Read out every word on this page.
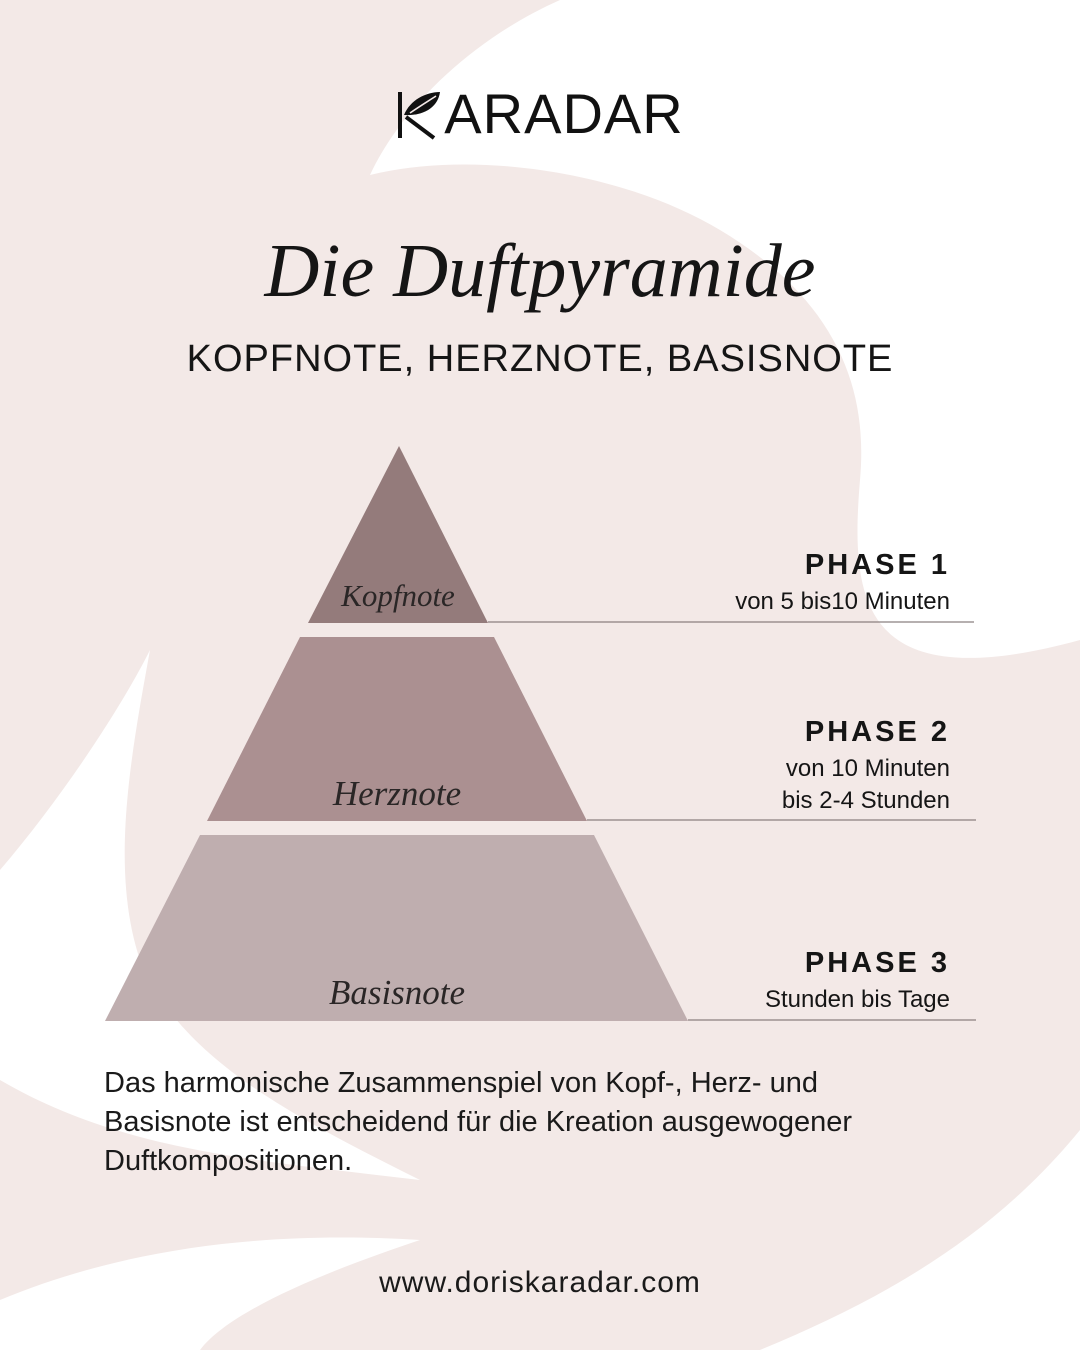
ARADAR
Die Duftpyramide
KOPFNOTE, HERZNOTE, BASISNOTE
Kopfnote
Herznote
Basisnote
PHASE 1
von 5 bis10 Minuten
PHASE 2
von 10 Minuten
bis 2-4 Stunden
PHASE 3
Stunden bis Tage
Das harmonische Zusammenspiel von Kopf-, Herz- und Basisnote ist entscheidend für die Kreation ausgewogener Duftkompositionen.
www.doriskaradar.com
